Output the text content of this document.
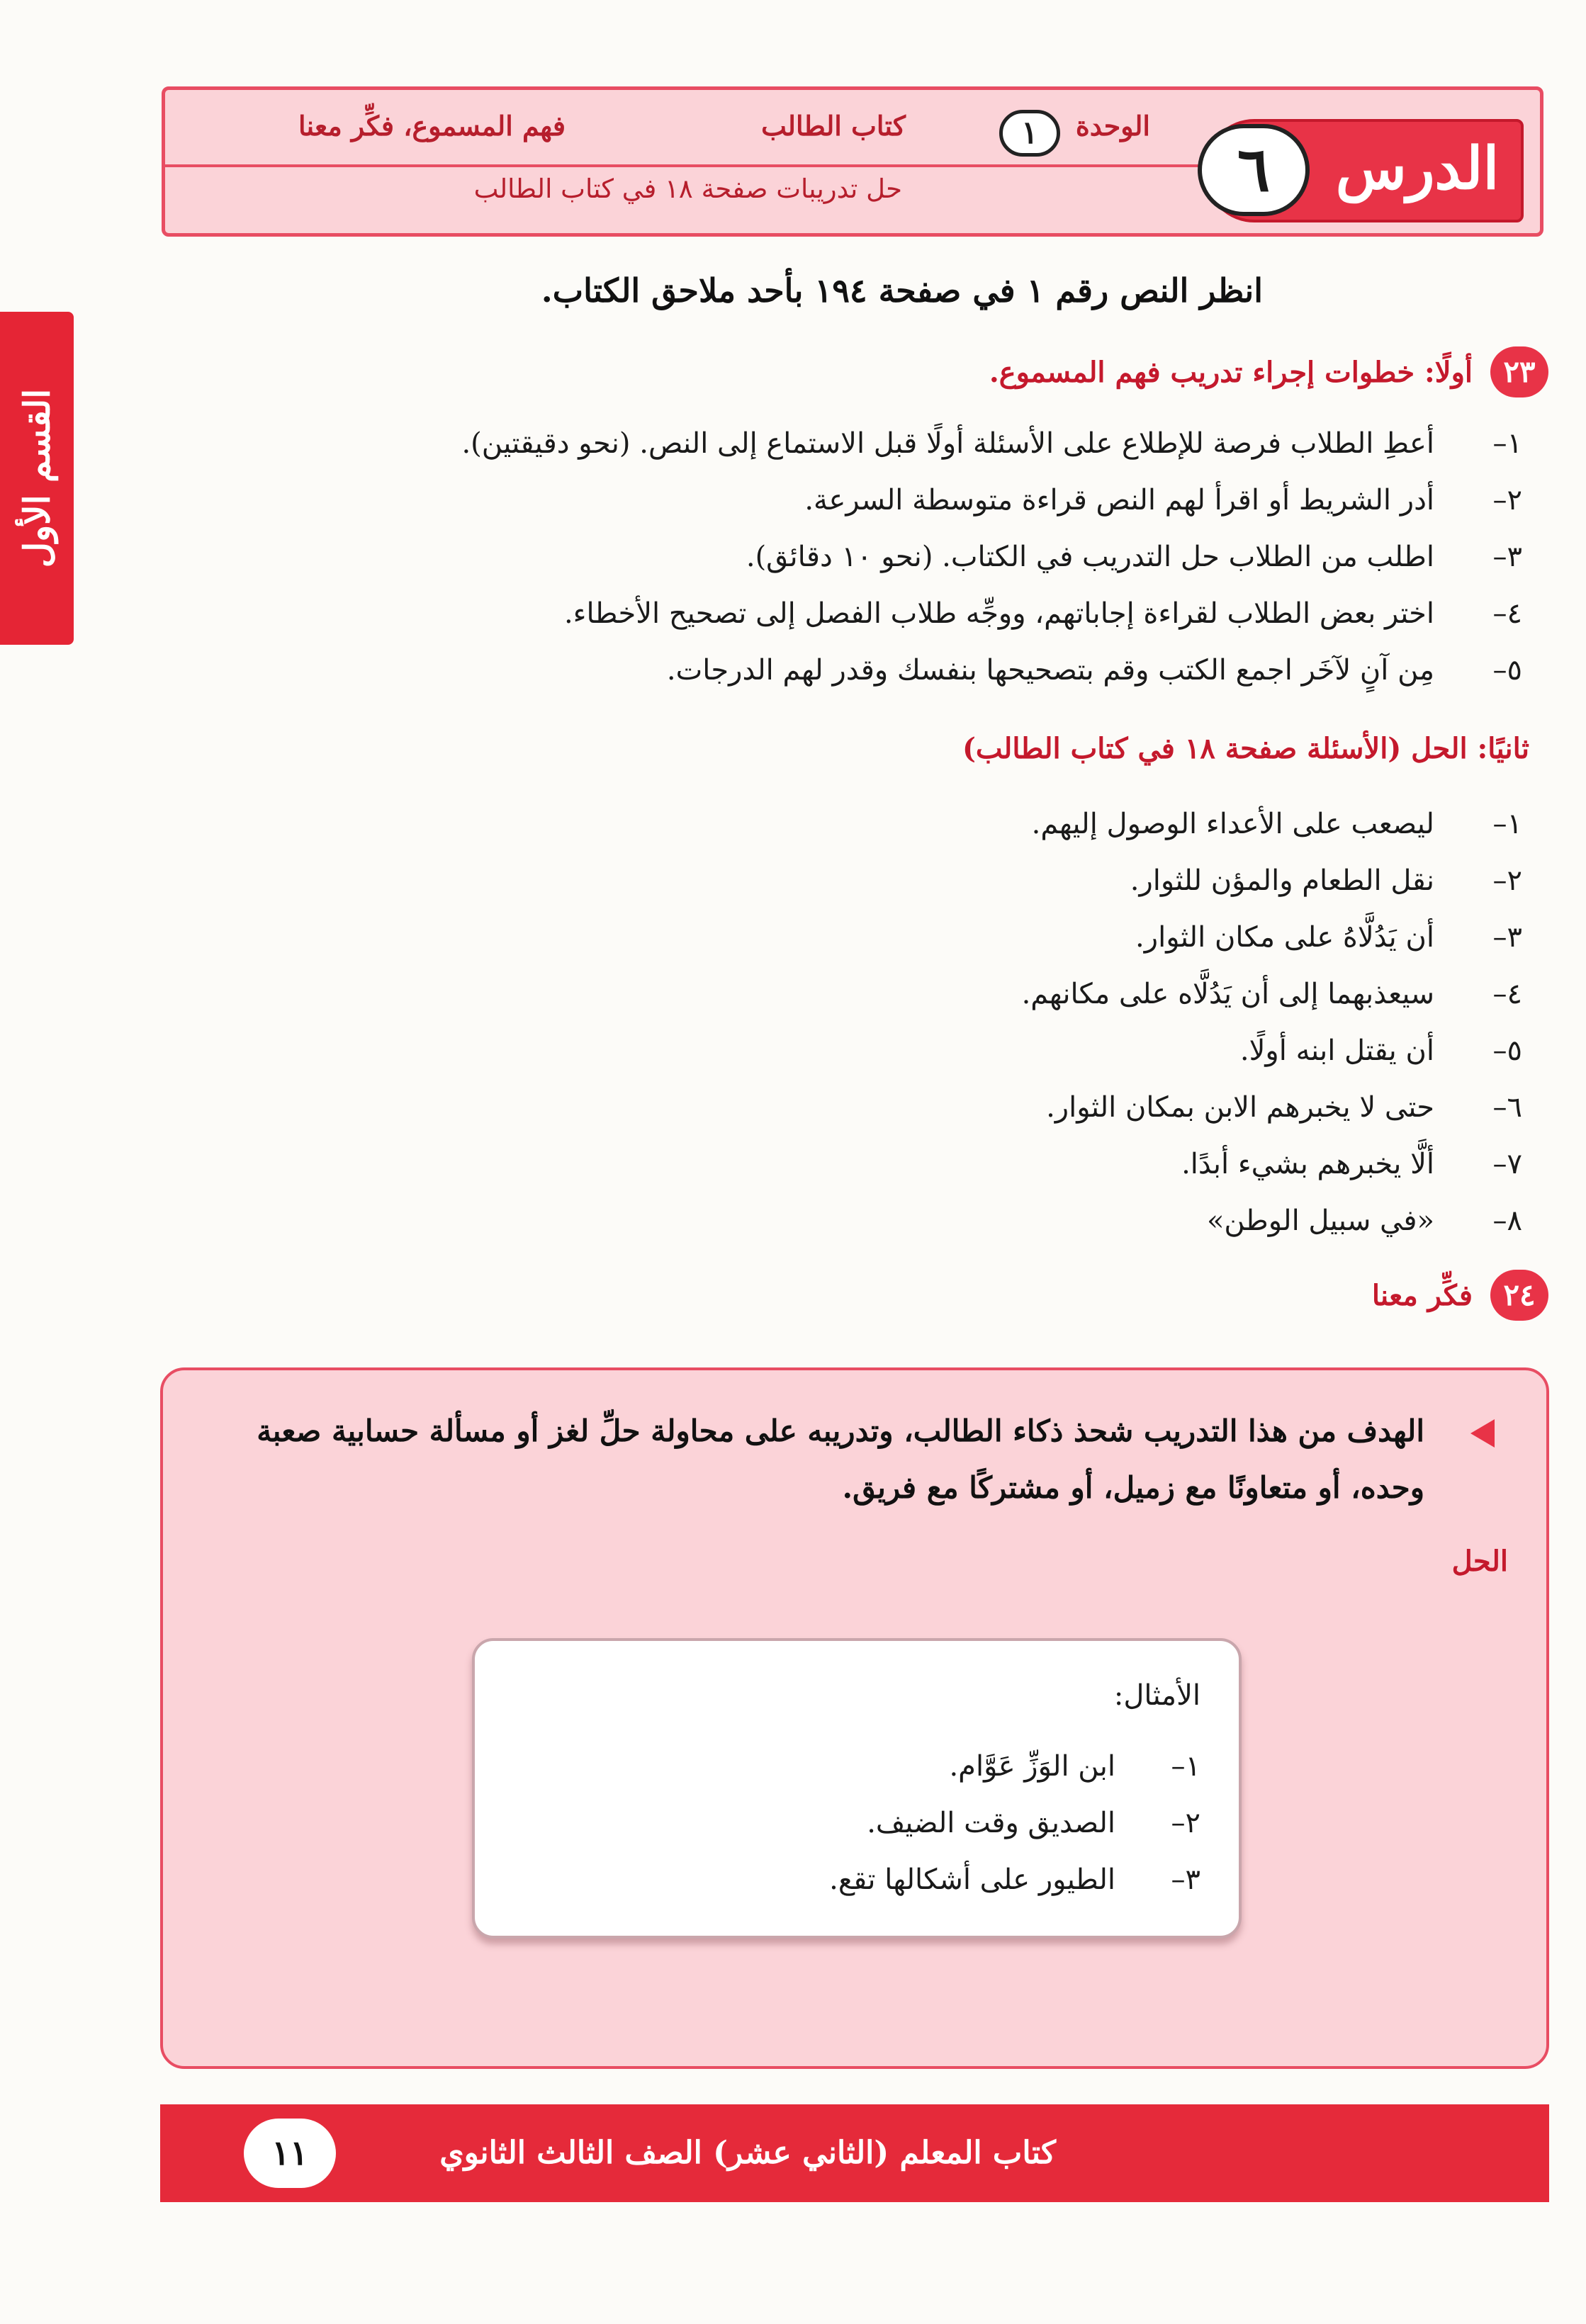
الوحدة
١
كتاب الطالب
فهم المسموع، فكِّر معنا
حل تدريبات صفحة ١٨ في كتاب الطالب	الدرس
٦
القسم الأول
انظر النص رقم ١ في صفحة ١٩٤ بأحد ملاحق الكتاب.
٢٣
أولًا: خطوات إجراء تدريب فهم المسموع.
١–
أعطِ الطلاب فرصة للإطلاع على الأسئلة أولًا قبل الاستماع إلى النص. (نحو دقيقتين).
٢–
أدر الشريط أو اقرأ لهم النص قراءة متوسطة السرعة.
٣–
اطلب من الطلاب حل التدريب في الكتاب. (نحو ١٠ دقائق).
٤–
اختر بعض الطلاب لقراءة إجاباتهم، ووجِّه طلاب الفصل إلى تصحيح الأخطاء.
٥–
مِن آنٍ لآخَر اجمع الكتب وقم بتصحيحها بنفسك وقدر لهم الدرجات.
ثانيًا: الحل (الأسئلة صفحة ١٨ في كتاب الطالب)
١–
ليصعب على الأعداء الوصول إليهم.
٢–
نقل الطعام والمؤن للثوار.
٣–
أن يَدُلَّاهُ على مكان الثوار.
٤–
سيعذبهما إلى أن يَدُلَّاه على مكانهم.
٥–
أن يقتل ابنه أولًا.
٦–
حتى لا يخبرهم الابن بمكان الثوار.
٧–
ألَّا يخبرهم بشيء أبدًا.
٨–
«في سبيل الوطن»
٢٤
فكِّر معنا
الهدف من هذا التدريب شحذ ذكاء الطالب، وتدريبه على محاولة حلِّ لغز أو مسألة حسابية صعبة
وحده، أو متعاونًا مع زميل، أو مشتركًا مع فريق.
الحل
الأمثال:
١–
ابن الوَزِّ عَوَّام.
٢–
الصديق وقت الضيف.
٣–
الطيور على أشكالها تقع.
كتاب المعلم (الثاني عشر) الصف الثالث الثانوي
١١
